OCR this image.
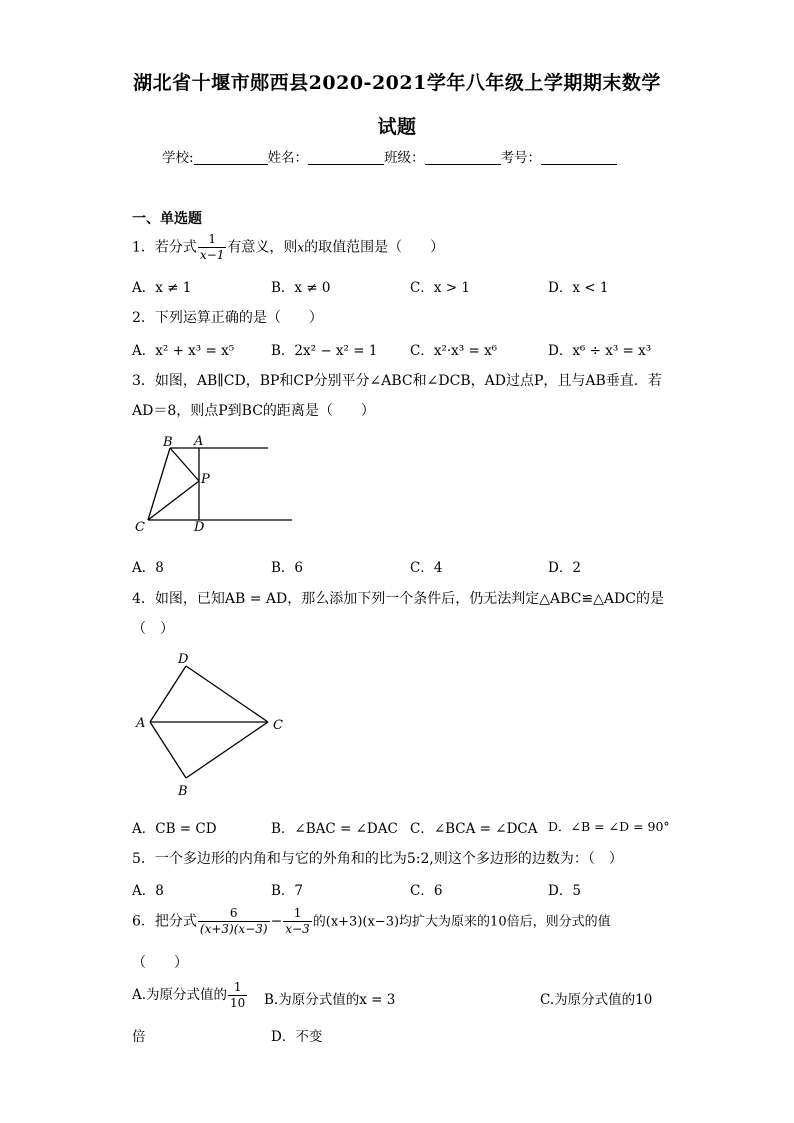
湖北省十堰市郧西县2020-2021学年八年级上学期期末数学
试题
学校:	姓名：	班级：	考号：
一、单选题
1．若分式 $\frac{1}{x-1}$ 有意义，则x的取值范围是（　　）
A．x ≠ 1	B．x ≠ 0	C．x > 1	D．x < 1
2．下列运算正确的是（　　）
A．x² + x³ = x⁵	B．2x² − x² = 1 C．x²·x³ = x⁶	D．x⁶ ÷ x³ = x³
3．如图，AB∥CD，BP和CP分别平分∠ABC和∠DCB，AD过点P，且与AB垂直．若
AD＝8，则点P到BC的距离是（　　）
B A
P
C	D
A．8	B．6	C．4	D．2
4．如图，已知AB = AD，那么添加下列一个条件后，仍无法判定△ABC≌△ADC的是
（　）
D
A	C
B
A．CB = CD	B．∠BAC = ∠DAC C．∠BCA = ∠DCA D．∠B = ∠D = 90°
5．一个多边形的内角和与它的外角和的比为5:2,则这个多边形的边数为：（　）
A．8	B．7	C．6	D．5
6．把分式 $\frac{6}{(x+3)(x-3)} - \frac{1}{x-3}$ 的(x+3)(x−3)均扩大为原来的10倍后，则分式的值
（　　）
A.为原分式值的 $\frac{1}{10} B$.为原分式值的x = 3	C.为原分式值的10
倍	D．不变
